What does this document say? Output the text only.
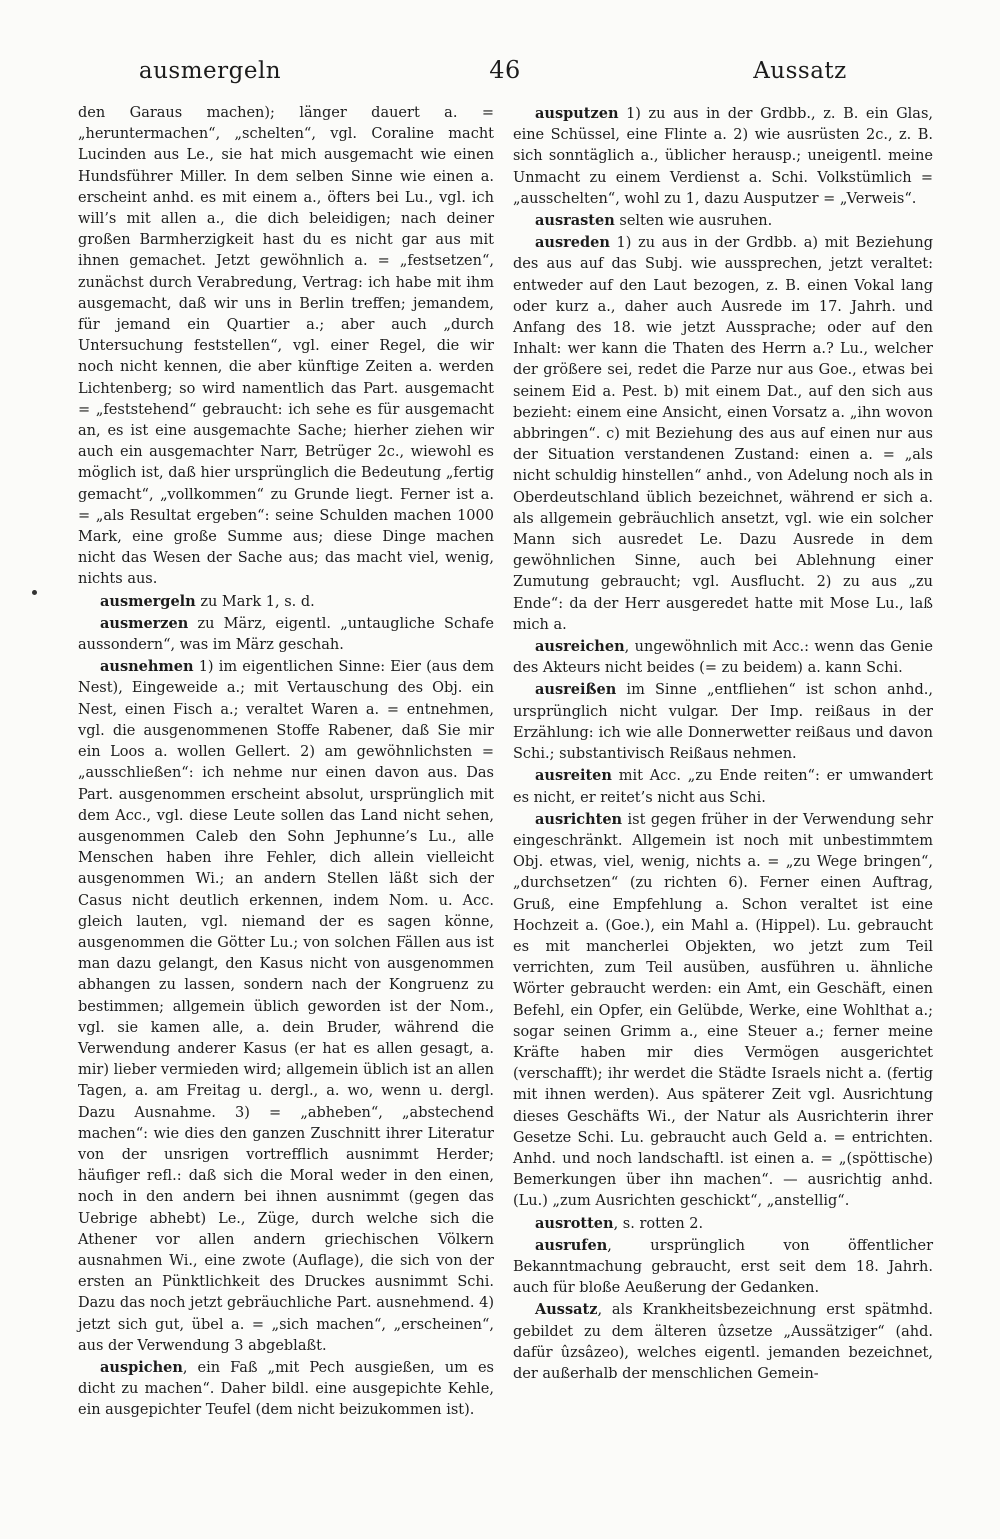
ausmergeln	46	Aussatz

den Garaus machen); länger dauert a. = „heruntermachen“, „schelten“, vgl. Coraline macht Lucinden aus Le., sie hat mich ausgemacht wie einen Hundsführer Miller. In dem selben Sinne wie einen a. erscheint anhd. es mit einem a., öfters bei Lu., vgl. ich will’s mit allen a., die dich beleidigen; nach deiner großen Barmherzigkeit hast du es nicht gar aus mit ihnen gemachet. Jetzt gewöhnlich a. = „festsetzen“, zunächst durch Verabredung, Vertrag: ich habe mit ihm ausgemacht, daß wir uns in Berlin treffen; jemandem, für jemand ein Quartier a.; aber auch „durch Untersuchung feststellen“, vgl. einer Regel, die wir noch nicht kennen, die aber künftige Zeiten a. werden Lichtenberg; so wird namentlich das Part. ausgemacht = „feststehend“ gebraucht: ich sehe es für ausgemacht an, es ist eine ausgemachte Sache; hierher ziehen wir auch ein ausgemachter Narr, Betrüger 2c., wiewohl es möglich ist, daß hier ursprünglich die Bedeutung „fertig gemacht“, „vollkommen“ zu Grunde liegt. Ferner ist a. = „als Resultat ergeben“: seine Schulden machen 1000 Mark, eine große Summe aus; diese Dinge machen nicht das Wesen der Sache aus; das macht viel, wenig, nichts aus.

ausmergeln zu Mark 1, s. d.

ausmerzen zu März, eigentl. „untaugliche Schafe aussondern“, was im März geschah.

ausnehmen 1) im eigentlichen Sinne: Eier (aus dem Nest), Eingeweide a.; mit Vertauschung des Obj. ein Nest, einen Fisch a.; veraltet Waren a. = entnehmen, vgl. die ausgenommenen Stoffe Rabener, daß Sie mir ein Loos a. wollen Gellert. 2) am gewöhnlichsten = „ausschließen“: ich nehme nur einen davon aus. Das Part. ausgenommen erscheint absolut, ursprünglich mit dem Acc., vgl. diese Leute sollen das Land nicht sehen, ausgenommen Caleb den Sohn Jephunne’s Lu., alle Menschen haben ihre Fehler, dich allein vielleicht ausgenommen Wi.; an andern Stellen läßt sich der Casus nicht deutlich erkennen, indem Nom. u. Acc. gleich lauten, vgl. niemand der es sagen könne, ausgenommen die Götter Lu.; von solchen Fällen aus ist man dazu gelangt, den Kasus nicht von ausgenommen abhangen zu lassen, sondern nach der Kongruenz zu bestimmen; allgemein üblich geworden ist der Nom., vgl. sie kamen alle, a. dein Bruder, während die Verwendung anderer Kasus (er hat es allen gesagt, a. mir) lieber vermieden wird; allgemein üblich ist an allen Tagen, a. am Freitag u. dergl., a. wo, wenn u. dergl. Dazu Ausnahme. 3) = „abheben“, „abstechend machen“: wie dies den ganzen Zuschnitt ihrer Literatur von der unsrigen vortrefflich ausnimmt Herder; häufiger refl.: daß sich die Moral weder in den einen, noch in den andern bei ihnen ausnimmt (gegen das Uebrige abhebt) Le., Züge, durch welche sich die Athener vor allen andern griechischen Völkern ausnahmen Wi., eine zwote (Auflage), die sich von der ersten an Pünktlichkeit des Druckes ausnimmt Schi. Dazu das noch jetzt gebräuchliche Part. ausnehmend. 4) jetzt sich gut, übel a. = „sich machen“, „erscheinen“, aus der Verwendung 3 abgeblaßt.

auspichen, ein Faß „mit Pech ausgießen, um es dicht zu machen“. Daher bildl. eine ausgepichte Kehle, ein ausgepichter Teufel (dem nicht beizukommen ist).

ausputzen 1) zu aus in der Grdbb., z. B. ein Glas, eine Schüssel, eine Flinte a. 2) wie ausrüsten 2c., z. B. sich sonntäglich a., üblicher herausp.; uneigentl. meine Unmacht zu einem Verdienst a. Schi. Volkstümlich = „ausschelten“, wohl zu 1, dazu Ausputzer = „Verweis“.

ausrasten selten wie ausruhen.

ausreden 1) zu aus in der Grdbb. a) mit Beziehung des aus auf das Subj. wie aussprechen, jetzt veraltet: entweder auf den Laut bezogen, z. B. einen Vokal lang oder kurz a., daher auch Ausrede im 17. Jahrh. und Anfang des 18. wie jetzt Aussprache; oder auf den Inhalt: wer kann die Thaten des Herrn a.? Lu., welcher der größere sei, redet die Parze nur aus Goe., etwas bei seinem Eid a. Pest. b) mit einem Dat., auf den sich aus bezieht: einem eine Ansicht, einen Vorsatz a. „ihn wovon abbringen“. c) mit Beziehung des aus auf einen nur aus der Situation verstandenen Zustand: einen a. = „als nicht schuldig hinstellen“ anhd., von Adelung noch als in Oberdeutschland üblich bezeichnet, während er sich a. als allgemein gebräuchlich ansetzt, vgl. wie ein solcher Mann sich ausredet Le. Dazu Ausrede in dem gewöhnlichen Sinne, auch bei Ablehnung einer Zumutung gebraucht; vgl. Ausflucht. 2) zu aus „zu Ende“: da der Herr ausgeredet hatte mit Mose Lu., laß mich a.

ausreichen, ungewöhnlich mit Acc.: wenn das Genie des Akteurs nicht beides (= zu beidem) a. kann Schi.

ausreißen im Sinne „entfliehen“ ist schon anhd., ursprünglich nicht vulgar. Der Imp. reißaus in der Erzählung: ich wie alle Donnerwetter reißaus und davon Schi.; substantivisch Reißaus nehmen.

ausreiten mit Acc. „zu Ende reiten“: er umwandert es nicht, er reitet’s nicht aus Schi.

ausrichten ist gegen früher in der Verwendung sehr eingeschränkt. Allgemein ist noch mit unbestimmtem Obj. etwas, viel, wenig, nichts a. = „zu Wege bringen“, „durchsetzen“ (zu richten 6). Ferner einen Auftrag, Gruß, eine Empfehlung a. Schon veraltet ist eine Hochzeit a. (Goe.), ein Mahl a. (Hippel). Lu. gebraucht es mit mancherlei Objekten, wo jetzt zum Teil verrichten, zum Teil ausüben, ausführen u. ähnliche Wörter gebraucht werden: ein Amt, ein Geschäft, einen Befehl, ein Opfer, ein Gelübde, Werke, eine Wohlthat a.; sogar seinen Grimm a., eine Steuer a.; ferner meine Kräfte haben mir dies Vermögen ausgerichtet (verschafft); ihr werdet die Städte Israels nicht a. (fertig mit ihnen werden). Aus späterer Zeit vgl. Ausrichtung dieses Geschäfts Wi., der Natur als Ausrichterin ihrer Gesetze Schi. Lu. gebraucht auch Geld a. = entrichten. Anhd. und noch landschaftl. ist einen a. = „(spöttische) Bemerkungen über ihn machen“. — ausrichtig anhd. (Lu.) „zum Ausrichten geschickt“, „anstellig“.

ausrotten, s. rotten 2.

ausrufen, ursprünglich von öffentlicher Bekanntmachung gebraucht, erst seit dem 18. Jahrh. auch für bloße Aeußerung der Gedanken.

Aussatz, als Krankheitsbezeichnung erst spätmhd. gebildet zu dem älteren ûzsetze „Aussätziger“ (ahd. dafür ûzsâzeo), welches eigentl. jemanden bezeichnet, der außerhalb der menschlichen Gemein-
